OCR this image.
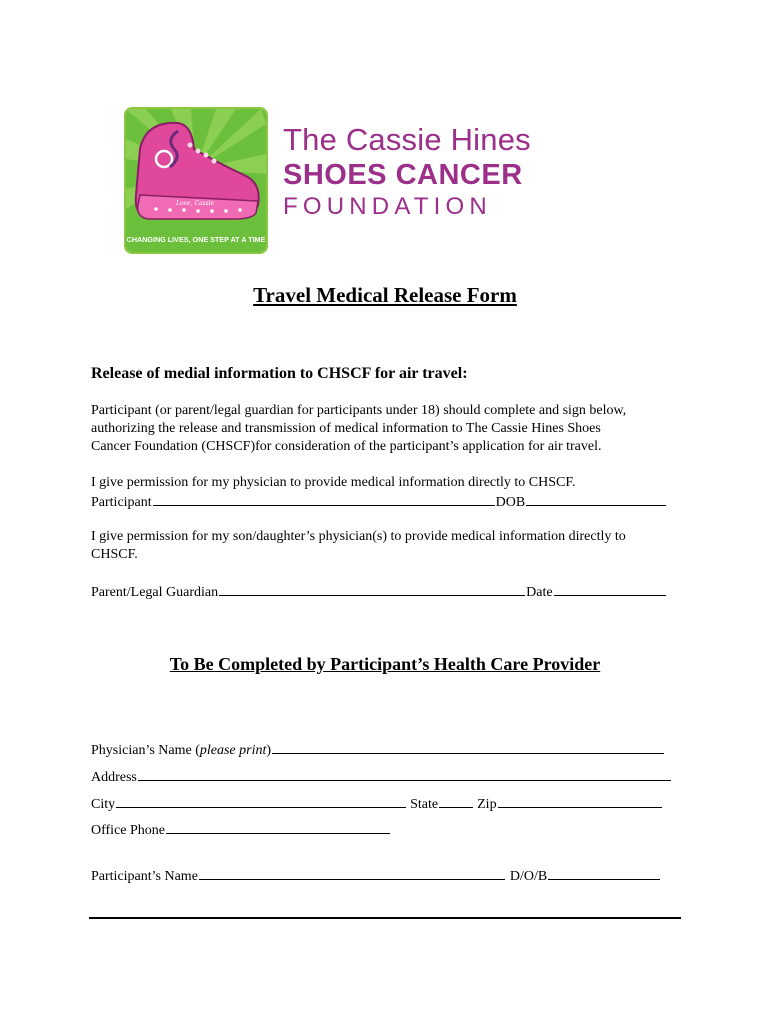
Love, Cassie
CHANGING LIVES, ONE STEP AT A TIME
The Cassie Hines
SHOES CANCER
FOUNDATION
Travel Medical Release Form
Release of medial information to CHSCF for air travel:
Participant (or parent/legal guardian for participants under 18) should complete and sign below,
authorizing the release and transmission of medical information to The Cassie Hines Shoes
Cancer Foundation (CHSCF)for consideration of the participant’s application for air travel.
I give permission for my physician to provide medical information directly to CHSCF.
Participant	DOB
I give permission for my son/daughter’s physician(s) to provide medical information directly to
CHSCF.
Parent/Legal Guardian	Date
To Be Completed by Participant’s Health Care Provider
Physician’s Name ( please print )
Address
City	State	Zip
Office Phone
Participant’s Name	D/O/B
